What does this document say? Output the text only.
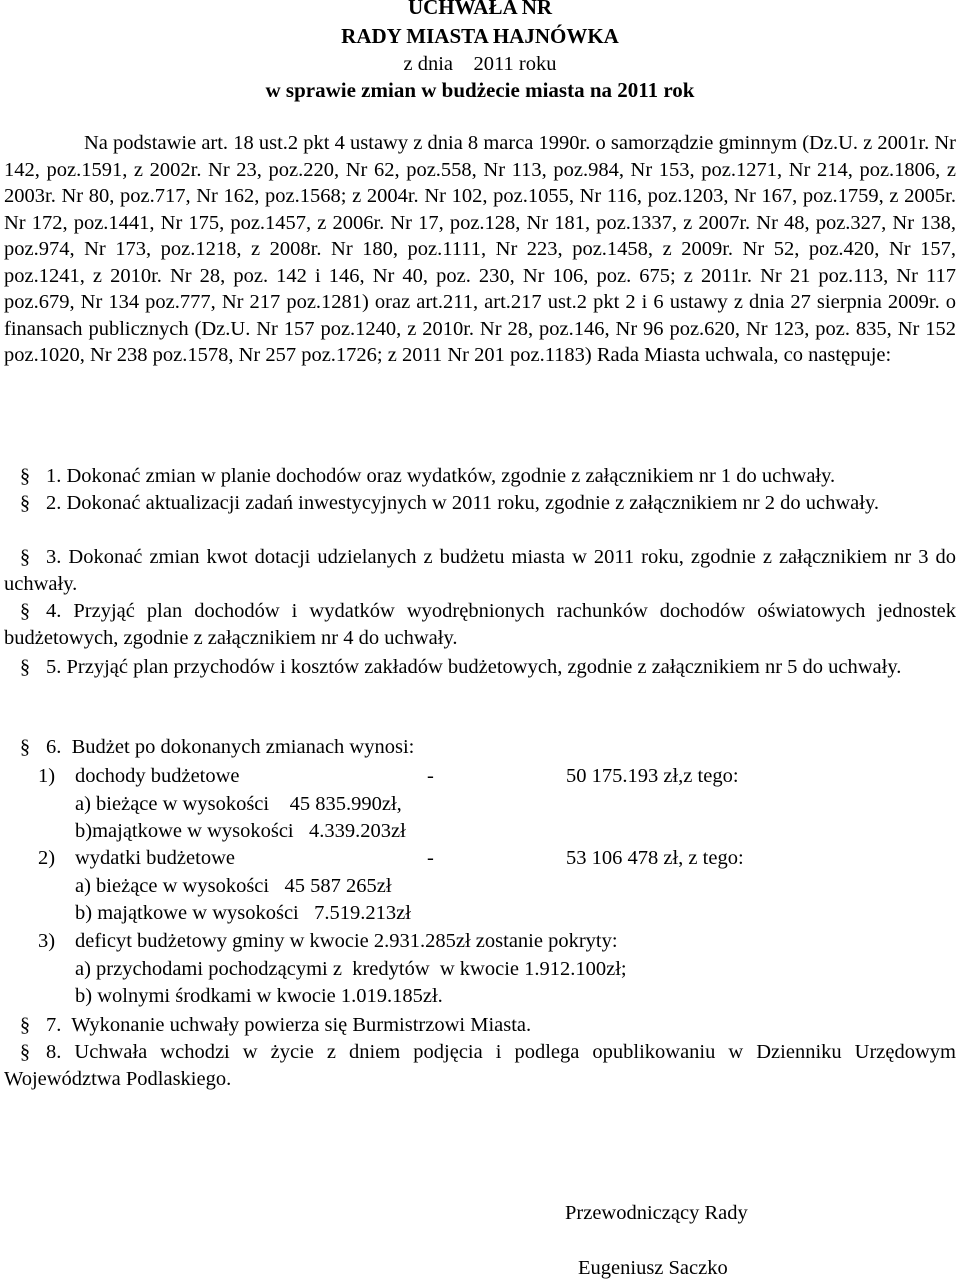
UCHWAŁA NR
RADY MIASTA HAJNÓWKA
z dnia    2011 roku
w sprawie zmian w budżecie miasta na 2011 rok
Na podstawie art. 18 ust.2 pkt 4 ustawy z dnia 8 marca 1990r. o samorządzie gminnym (Dz.U. z 2001r. Nr 142, poz.1591, z 2002r. Nr 23, poz.220, Nr 62, poz.558, Nr 113, poz.984, Nr 153, poz.1271, Nr 214, poz.1806, z 2003r. Nr 80, poz.717, Nr 162, poz.1568; z 2004r. Nr 102, poz.1055, Nr 116, poz.1203, Nr 167, poz.1759, z 2005r. Nr 172, poz.1441, Nr 175, poz.1457, z 2006r. Nr 17, poz.128, Nr 181, poz.1337, z 2007r. Nr 48, poz.327, Nr 138, poz.974, Nr 173, poz.1218, z 2008r. Nr 180, poz.1111, Nr 223, poz.1458, z 2009r. Nr 52, poz.420, Nr 157, poz.1241, z 2010r. Nr 28, poz. 142 i 146, Nr 40, poz. 230, Nr 106, poz. 675; z 2011r. Nr 21 poz.113, Nr 117 poz.679, Nr 134 poz.777, Nr 217 poz.1281) oraz art.211, art.217 ust.2 pkt 2 i 6 ustawy z dnia 27 sierpnia 2009r. o finansach publicznych (Dz.U. Nr 157 poz.1240, z 2010r. Nr 28, poz.146, Nr 96 poz.620, Nr 123, poz. 835, Nr 152 poz.1020, Nr 238 poz.1578, Nr 257 poz.1726; z 2011 Nr 201 poz.1183) Rada Miasta uchwala, co następuje:
§ 1. Dokonać zmian w planie dochodów oraz wydatków, zgodnie z załącznikiem nr 1 do uchwały.
§ 2. Dokonać aktualizacji zadań inwestycyjnych w 2011 roku, zgodnie z załącznikiem nr 2 do uchwały.
§ 3. Dokonać zmian kwot dotacji udzielanych z budżetu miasta w 2011 roku, zgodnie z załącznikiem nr 3 do uchwały.
§ 4. Przyjąć plan dochodów i wydatków wyodrębnionych rachunków dochodów oświatowych jednostek budżetowych, zgodnie z załącznikiem nr 4 do uchwały.
§ 5. Przyjąć plan przychodów i kosztów zakładów budżetowych, zgodnie z załącznikiem nr 5 do uchwały.
§ 6.  Budżet po dokonanych zmianach wynosi:
1) dochody budżetowe	-	50 175.193 zł,z tego:
a) bieżące w wysokości    45 835.990zł,
b)majątkowe w wysokości   4.339.203zł
2) wydatki budżetowe	-	53 106 478 zł, z tego:
a) bieżące w wysokości   45 587 265zł
b) majątkowe w wysokości   7.519.213zł
3) deficyt budżetowy gminy w kwocie 2.931.285zł zostanie pokryty:
a) przychodami pochodzącymi z  kredytów  w kwocie 1.912.100zł;
b) wolnymi środkami w kwocie 1.019.185zł.
§ 7.  Wykonanie uchwały powierza się Burmistrzowi Miasta.
§ 8. Uchwała wchodzi w życie z dniem podjęcia i podlega opublikowaniu w Dzienniku Urzędowym Województwa Podlaskiego.
Przewodniczący Rady
Eugeniusz Saczko
